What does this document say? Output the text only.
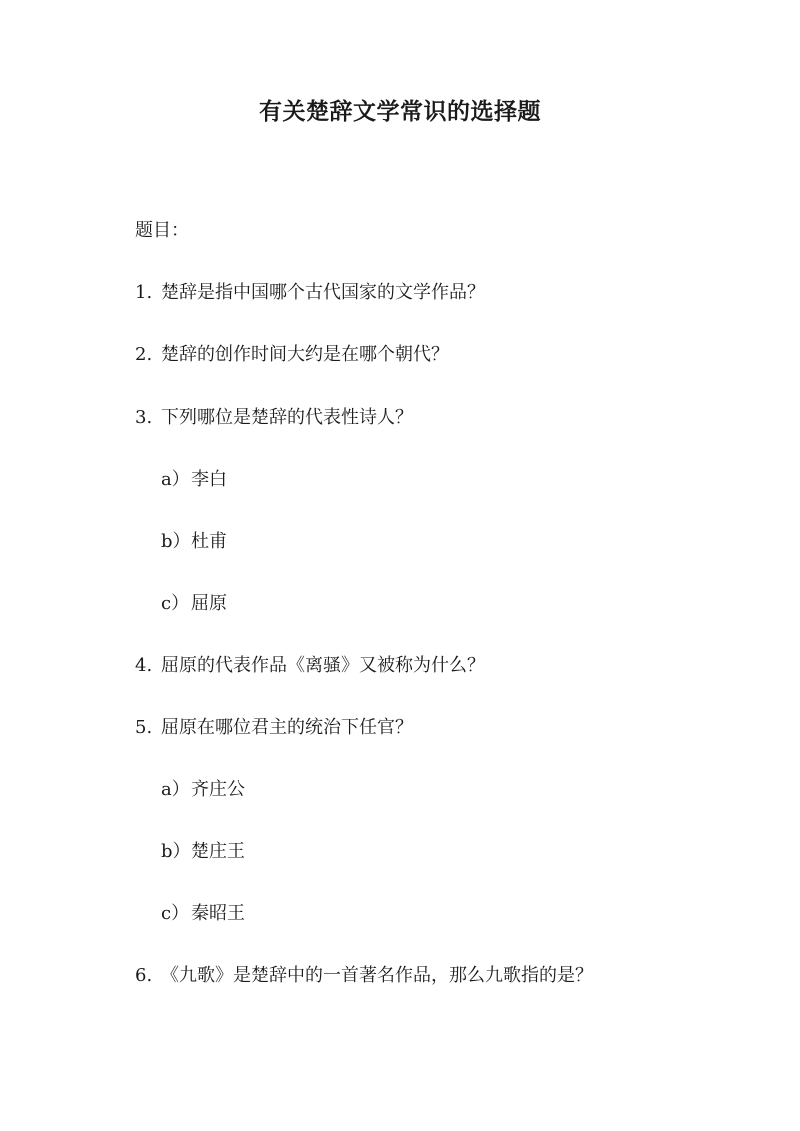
有关楚辞文学常识的选择题
题目：
1. 楚辞是指中国哪个古代国家的文学作品？
2. 楚辞的创作时间大约是在哪个朝代？
3. 下列哪位是楚辞的代表性诗人？
a）李白
b）杜甫
c） 屈原
4. 屈原的代表作品《离骚》又被称为什么？
5. 屈原在哪位君主的统治下任官？
a）齐庄公
b）楚庄王
c） 秦昭王
6. 《九歌》是楚辞中的一首著名作品，那么九歌指的是？
